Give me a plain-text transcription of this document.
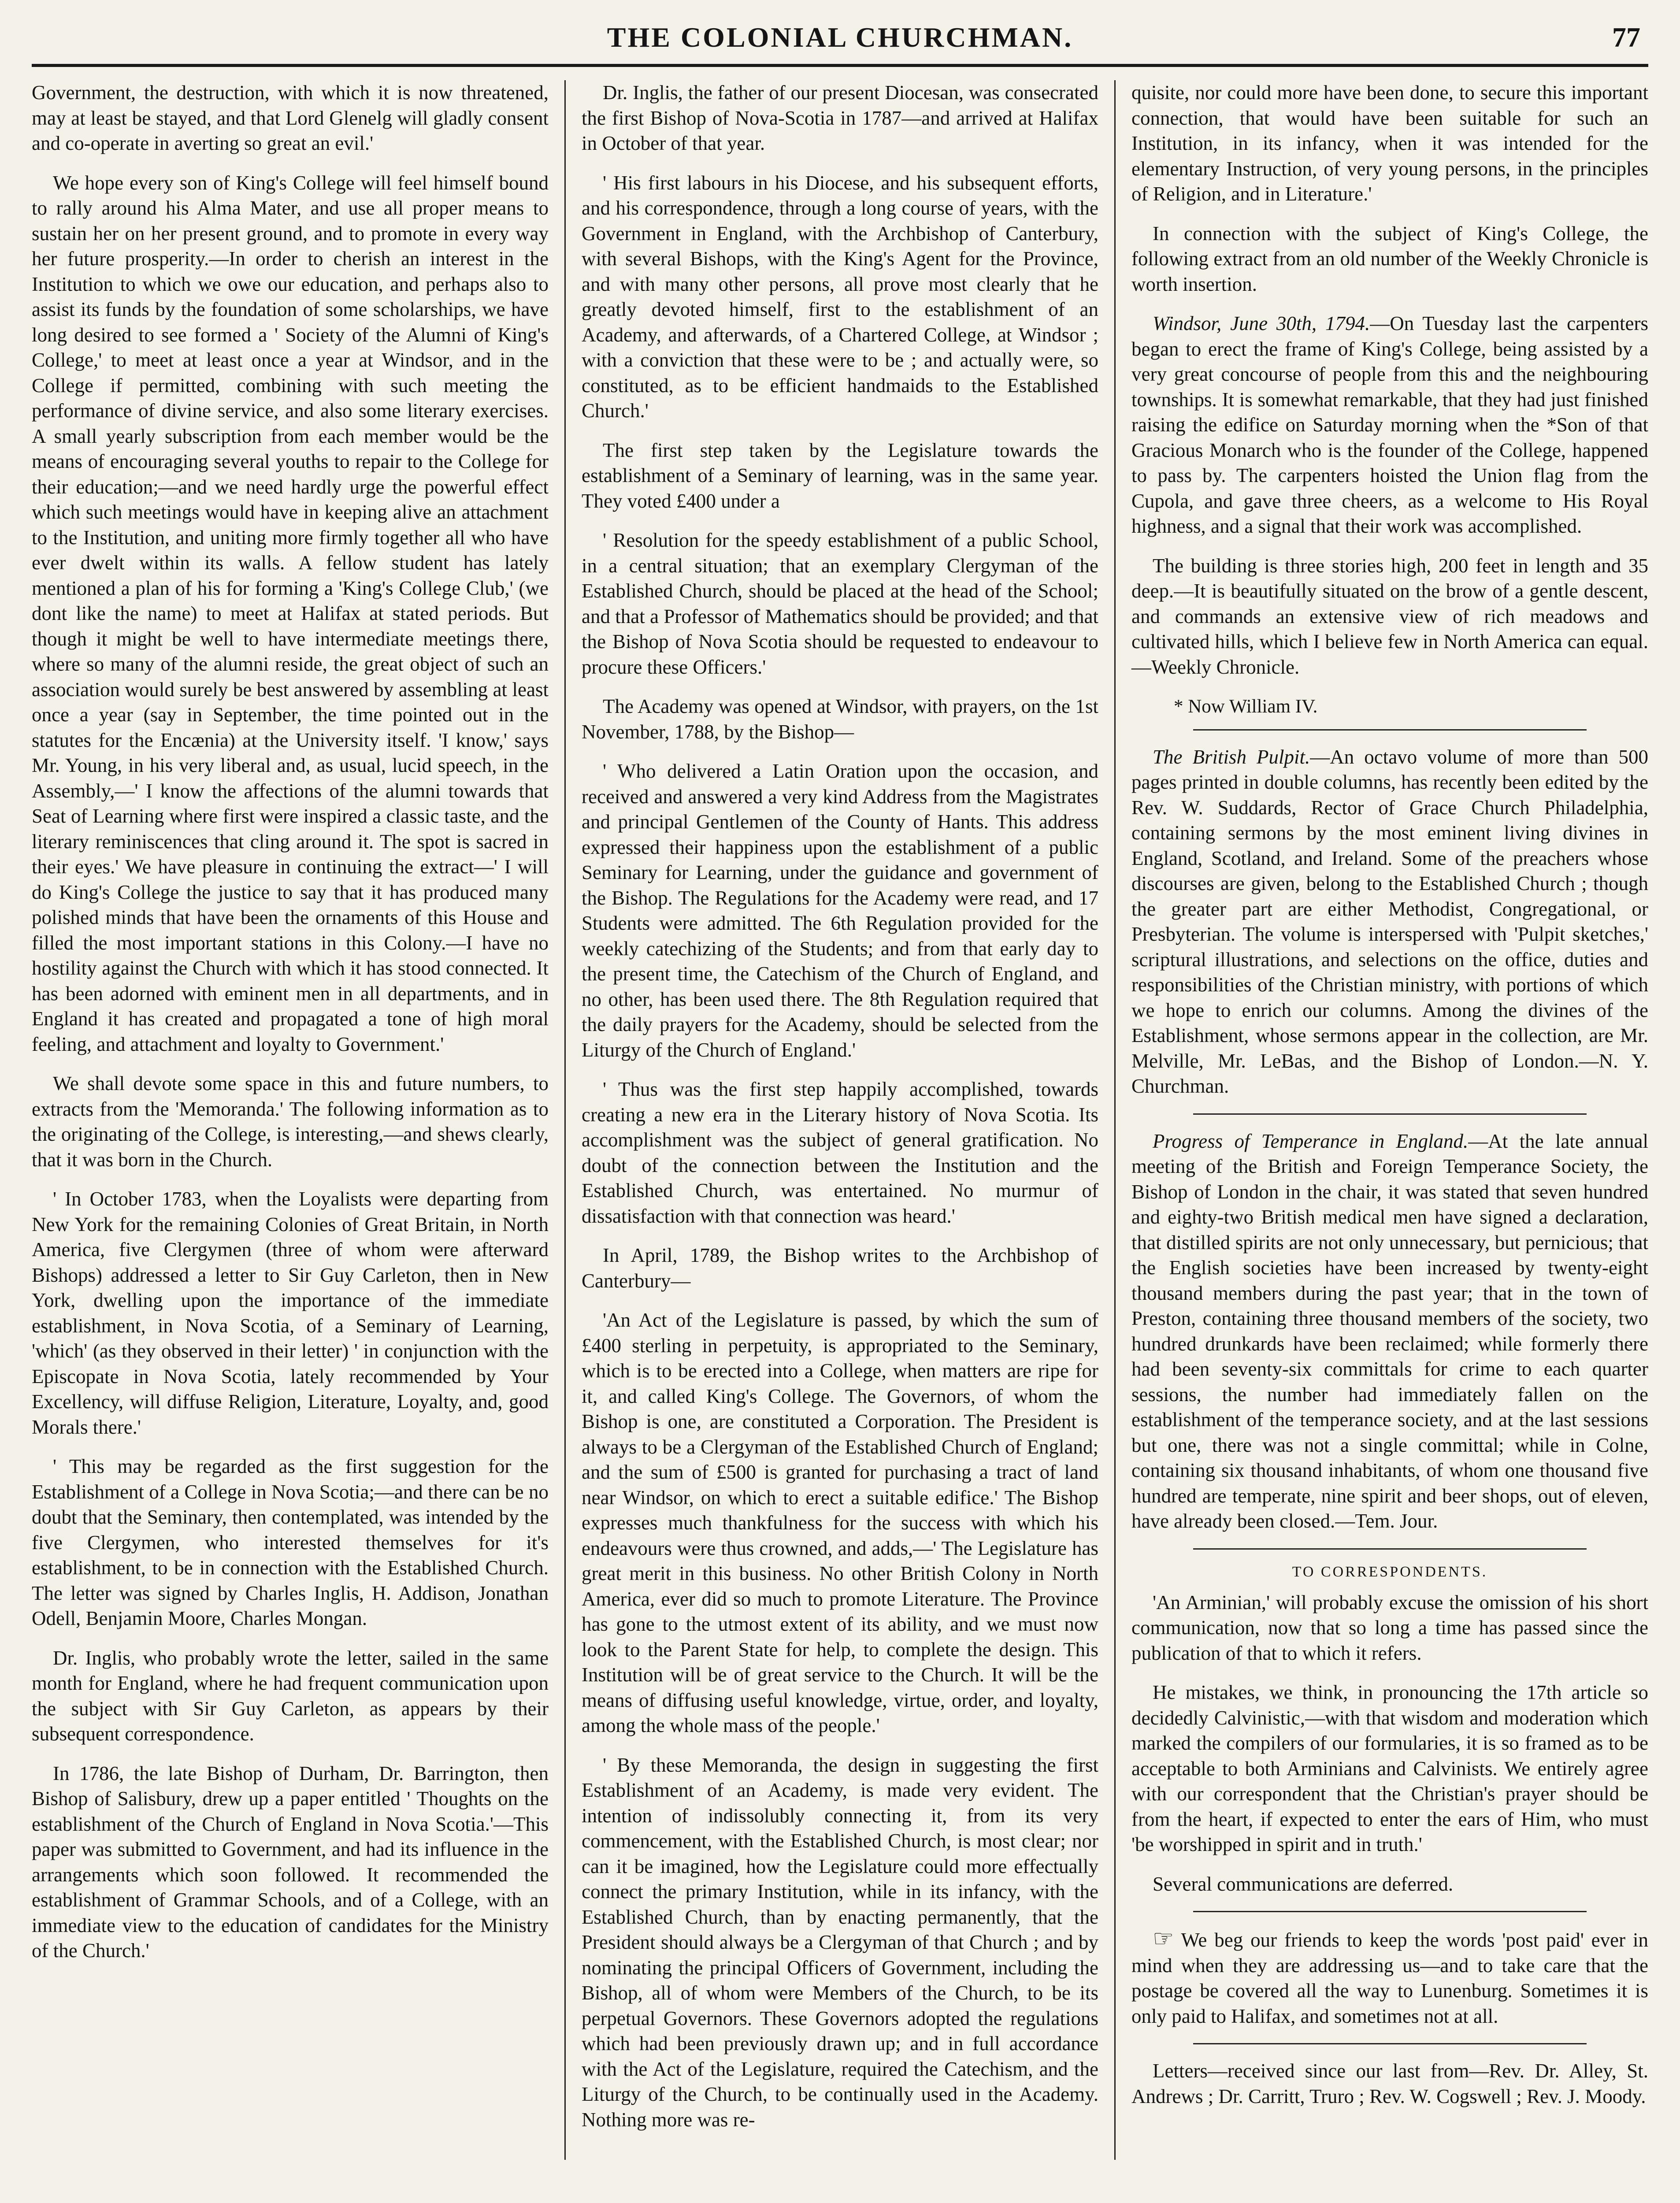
THE COLONIAL CHURCHMAN.	77

Government, the destruction, with which it is now threatened, may at least be stayed, and that Lord Glenelg will gladly consent and co-operate in averting so great an evil.'

We hope every son of King's College will feel himself bound to rally around his Alma Mater, and use all proper means to sustain her on her present ground, and to promote in every way her future prosperity.—In order to cherish an interest in the Institution to which we owe our education, and perhaps also to assist its funds by the foundation of some scholarships, we have long desired to see formed a ' Society of the Alumni of King's College,' to meet at least once a year at Windsor, and in the College if permitted, combining with such meeting the performance of divine service, and also some literary exercises. A small yearly subscription from each member would be the means of encouraging several youths to repair to the College for their education;—and we need hardly urge the powerful effect which such meetings would have in keeping alive an attachment to the Institution, and uniting more firmly together all who have ever dwelt within its walls. A fellow student has lately mentioned a plan of his for forming a 'King's College Club,' (we dont like the name) to meet at Halifax at stated periods. But though it might be well to have intermediate meetings there, where so many of the alumni reside, the great object of such an association would surely be best answered by assembling at least once a year (say in September, the time pointed out in the statutes for the Encænia) at the University itself. 'I know,' says Mr. Young, in his very liberal and, as usual, lucid speech, in the Assembly,—' I know the affections of the alumni towards that Seat of Learning where first were inspired a classic taste, and the literary reminiscences that cling around it. The spot is sacred in their eyes.' We have pleasure in continuing the extract—' I will do King's College the justice to say that it has produced many polished minds that have been the ornaments of this House and filled the most important stations in this Colony.—I have no hostility against the Church with which it has stood connected. It has been adorned with eminent men in all departments, and in England it has created and propagated a tone of high moral feeling, and attachment and loyalty to Government.'

We shall devote some space in this and future numbers, to extracts from the 'Memoranda.' The following information as to the originating of the College, is interesting,—and shews clearly, that it was born in the Church.

' In October 1783, when the Loyalists were departing from New York for the remaining Colonies of Great Britain, in North America, five Clergymen (three of whom were afterward Bishops) addressed a letter to Sir Guy Carleton, then in New York, dwelling upon the importance of the immediate establishment, in Nova Scotia, of a Seminary of Learning, 'which' (as they observed in their letter) ' in conjunction with the Episcopate in Nova Scotia, lately recommended by Your Excellency, will diffuse Religion, Literature, Loyalty, and, good Morals there.'

' This may be regarded as the first suggestion for the Establishment of a College in Nova Scotia;—and there can be no doubt that the Seminary, then contemplated, was intended by the five Clergymen, who interested themselves for it's establishment, to be in connection with the Established Church. The letter was signed by Charles Inglis, H. Addison, Jonathan Odell, Benjamin Moore, Charles Mongan.

Dr. Inglis, who probably wrote the letter, sailed in the same month for England, where he had frequent communication upon the subject with Sir Guy Carleton, as appears by their subsequent correspondence.

In 1786, the late Bishop of Durham, Dr. Barrington, then Bishop of Salisbury, drew up a paper entitled ' Thoughts on the establishment of the Church of England in Nova Scotia.'—This paper was submitted to Government, and had its influence in the arrangements which soon followed. It recommended the establishment of Grammar Schools, and of a College, with an immediate view to the education of candidates for the Ministry of the Church.'

Dr. Inglis, the father of our present Diocesan, was consecrated the first Bishop of Nova-Scotia in 1787—and arrived at Halifax in October of that year.

' His first labours in his Diocese, and his subsequent efforts, and his correspondence, through a long course of years, with the Government in England, with the Archbishop of Canterbury, with several Bishops, with the King's Agent for the Province, and with many other persons, all prove most clearly that he greatly devoted himself, first to the establishment of an Academy, and afterwards, of a Chartered College, at Windsor ; with a conviction that these were to be ; and actually were, so constituted, as to be efficient handmaids to the Established Church.'

The first step taken by the Legislature towards the establishment of a Seminary of learning, was in the same year. They voted £400 under a

' Resolution for the speedy establishment of a public School, in a central situation; that an exemplary Clergyman of the Established Church, should be placed at the head of the School; and that a Professor of Mathematics should be provided; and that the Bishop of Nova Scotia should be requested to endeavour to procure these Officers.'

The Academy was opened at Windsor, with prayers, on the 1st November, 1788, by the Bishop—

' Who delivered a Latin Oration upon the occasion, and received and answered a very kind Address from the Magistrates and principal Gentlemen of the County of Hants. This address expressed their happiness upon the establishment of a public Seminary for Learning, under the guidance and government of the Bishop. The Regulations for the Academy were read, and 17 Students were admitted. The 6th Regulation provided for the weekly catechizing of the Students; and from that early day to the present time, the Catechism of the Church of England, and no other, has been used there. The 8th Regulation required that the daily prayers for the Academy, should be selected from the Liturgy of the Church of England.'

' Thus was the first step happily accomplished, towards creating a new era in the Literary history of Nova Scotia. Its accomplishment was the subject of general gratification. No doubt of the connection between the Institution and the Established Church, was entertained. No murmur of dissatisfaction with that connection was heard.'

In April, 1789, the Bishop writes to the Archbishop of Canterbury—

'An Act of the Legislature is passed, by which the sum of £400 sterling in perpetuity, is appropriated to the Seminary, which is to be erected into a College, when matters are ripe for it, and called King's College. The Governors, of whom the Bishop is one, are constituted a Corporation. The President is always to be a Clergyman of the Established Church of England; and the sum of £500 is granted for purchasing a tract of land near Windsor, on which to erect a suitable edifice.' The Bishop expresses much thankfulness for the success with which his endeavours were thus crowned, and adds,—' The Legislature has great merit in this business. No other British Colony in North America, ever did so much to promote Literature. The Province has gone to the utmost extent of its ability, and we must now look to the Parent State for help, to complete the design. This Institution will be of great service to the Church. It will be the means of diffusing useful knowledge, virtue, order, and loyalty, among the whole mass of the people.'

' By these Memoranda, the design in suggesting the first Establishment of an Academy, is made very evident. The intention of indissolubly connecting it, from its very commencement, with the Established Church, is most clear; nor can it be imagined, how the Legislature could more effectually connect the primary Institution, while in its infancy, with the Established Church, than by enacting permanently, that the President should always be a Clergyman of that Church ; and by nominating the principal Officers of Government, including the Bishop, all of whom were Members of the Church, to be its perpetual Governors. These Governors adopted the regulations which had been previously drawn up; and in full accordance with the Act of the Legislature, required the Catechism, and the Liturgy of the Church, to be continually used in the Academy. Nothing more was re-

quisite, nor could more have been done, to secure this important connection, that would have been suitable for such an Institution, in its infancy, when it was intended for the elementary Instruction, of very young persons, in the principles of Religion, and in Literature.'

In connection with the subject of King's College, the following extract from an old number of the Weekly Chronicle is worth insertion.

Windsor, June 30th, 1794.—On Tuesday last the carpenters began to erect the frame of King's College, being assisted by a very great concourse of people from this and the neighbouring townships. It is somewhat remarkable, that they had just finished raising the edifice on Saturday morning when the *Son of that Gracious Monarch who is the founder of the College, happened to pass by. The carpenters hoisted the Union flag from the Cupola, and gave three cheers, as a welcome to His Royal highness, and a signal that their work was accomplished.

The building is three stories high, 200 feet in length and 35 deep.—It is beautifully situated on the brow of a gentle descent, and commands an extensive view of rich meadows and cultivated hills, which I believe few in North America can equal.—Weekly Chronicle.

* Now William IV.

The British Pulpit.—An octavo volume of more than 500 pages printed in double columns, has recently been edited by the Rev. W. Suddards, Rector of Grace Church Philadelphia, containing sermons by the most eminent living divines in England, Scotland, and Ireland. Some of the preachers whose discourses are given, belong to the Established Church ; though the greater part are either Methodist, Congregational, or Presbyterian. The volume is interspersed with 'Pulpit sketches,' scriptural illustrations, and selections on the office, duties and responsibilities of the Christian ministry, with portions of which we hope to enrich our columns. Among the divines of the Establishment, whose sermons appear in the collection, are Mr. Melville, Mr. LeBas, and the Bishop of London.—N. Y. Churchman.

Progress of Temperance in England.—At the late annual meeting of the British and Foreign Temperance Society, the Bishop of London in the chair, it was stated that seven hundred and eighty-two British medical men have signed a declaration, that distilled spirits are not only unnecessary, but pernicious; that the English societies have been increased by twenty-eight thousand members during the past year; that in the town of Preston, containing three thousand members of the society, two hundred drunkards have been reclaimed; while formerly there had been seventy-six committals for crime to each quarter sessions, the number had immediately fallen on the establishment of the temperance society, and at the last sessions but one, there was not a single committal; while in Colne, containing six thousand inhabitants, of whom one thousand five hundred are temperate, nine spirit and beer shops, out of eleven, have already been closed.—Tem. Jour.

TO CORRESPONDENTS.

'An Arminian,' will probably excuse the omission of his short communication, now that so long a time has passed since the publication of that to which it refers.

He mistakes, we think, in pronouncing the 17th article so decidedly Calvinistic,—with that wisdom and moderation which marked the compilers of our formularies, it is so framed as to be acceptable to both Arminians and Calvinists. We entirely agree with our correspondent that the Christian's prayer should be from the heart, if expected to enter the ears of Him, who must 'be worshipped in spirit and in truth.'

Several communications are deferred.

☞ We beg our friends to keep the words 'post paid' ever in mind when they are addressing us—and to take care that the postage be covered all the way to Lunenburg. Sometimes it is only paid to Halifax, and sometimes not at all.

Letters—received since our last from—Rev. Dr. Alley, St. Andrews ; Dr. Carritt, Truro ; Rev. W. Cogswell ; Rev. J. Moody.
